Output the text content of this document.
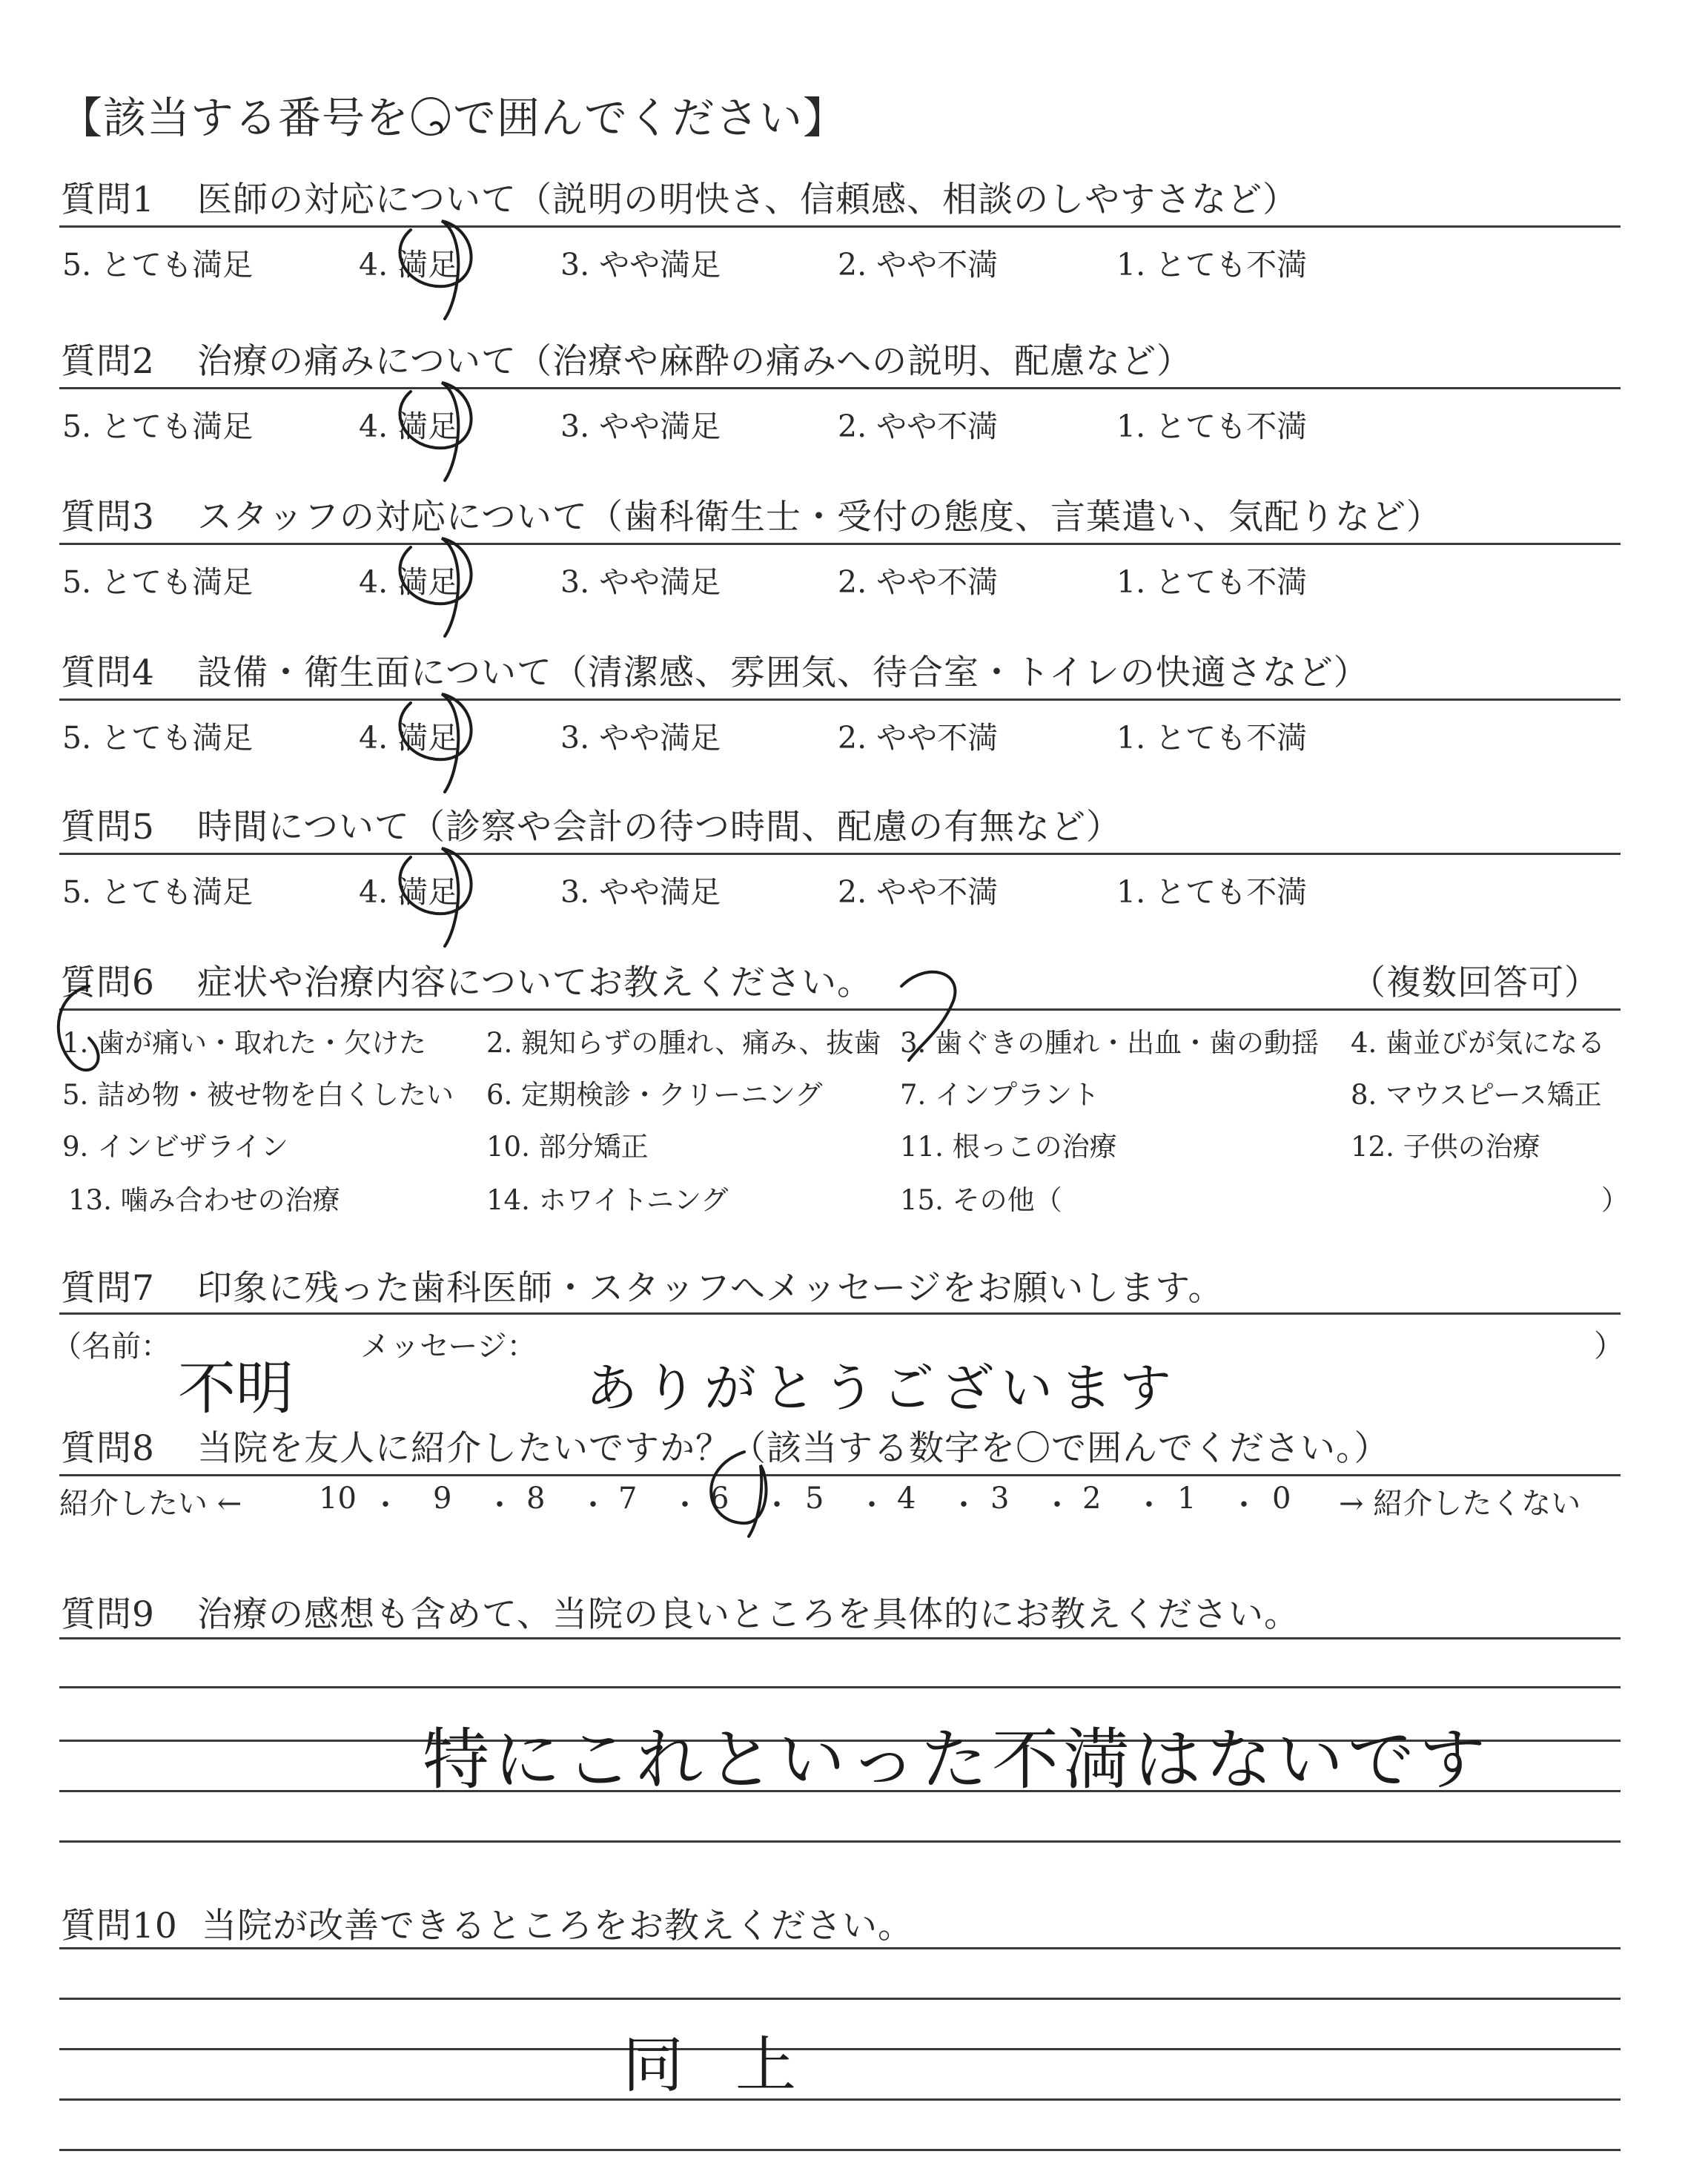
【該当する番号を〇で囲んでください】
質問1 医師の対応について（説明の明快さ、信頼感、相談のしやすさなど）
5. とても満足	4. 満足	3. やや満足	2. やや不満	1. とても不満
質問2 治療の痛みについて（治療や麻酔の痛みへの説明、配慮など）
5. とても満足	4. 満足	3. やや満足	2. やや不満	1. とても不満
質問3 スタッフの対応について（歯科衛生士・受付の態度、言葉遣い、気配りなど）
5. とても満足	4. 満足	3. やや満足	2. やや不満	1. とても不満
質問4 設備・衛生面について（清潔感、雰囲気、待合室・トイレの快適さなど）
5. とても満足	4. 満足	3. やや満足	2. やや不満	1. とても不満
質問5 時間について（診察や会計の待つ時間、配慮の有無など）
5. とても満足	4. 満足	3. やや満足	2. やや不満	1. とても不満
質問6 症状や治療内容についてお教えください。	（複数回答可）
1. 歯が痛い・取れた・欠けた 2. 親知らずの腫れ、痛み、抜歯 3. 歯ぐきの腫れ・出血・歯の動揺 4. 歯並びが気になる
5. 詰め物・被せ物を白くしたい 6. 定期検診・クリーニング	7. インプラント	8. マウスピース矯正
9. インビザライン	10. 部分矯正	11. 根っこの治療	12. 子供の治療
13. 噛み合わせの治療	14. ホワイトニング	15. その他（	）
質問7 印象に残った歯科医師・スタッフへメッセージをお願いします。
（名前：	メッセージ：	）
不明	ありがとうございます
質問8 当院を友人に紹介したいですか？（該当する数字を〇で囲んでください。）
紹介したい ←	10 ・ 9 ・ 8 ・ 7 ・ 6 ・ 5 ・ 4 ・ 3 ・ 2 ・ 1 ・ 0 → 紹介したくない
質問9 治療の感想も含めて、当院の良いところを具体的にお教えください。
特にこれといった不満はないです
質問10 当院が改善できるところをお教えください。
同上
